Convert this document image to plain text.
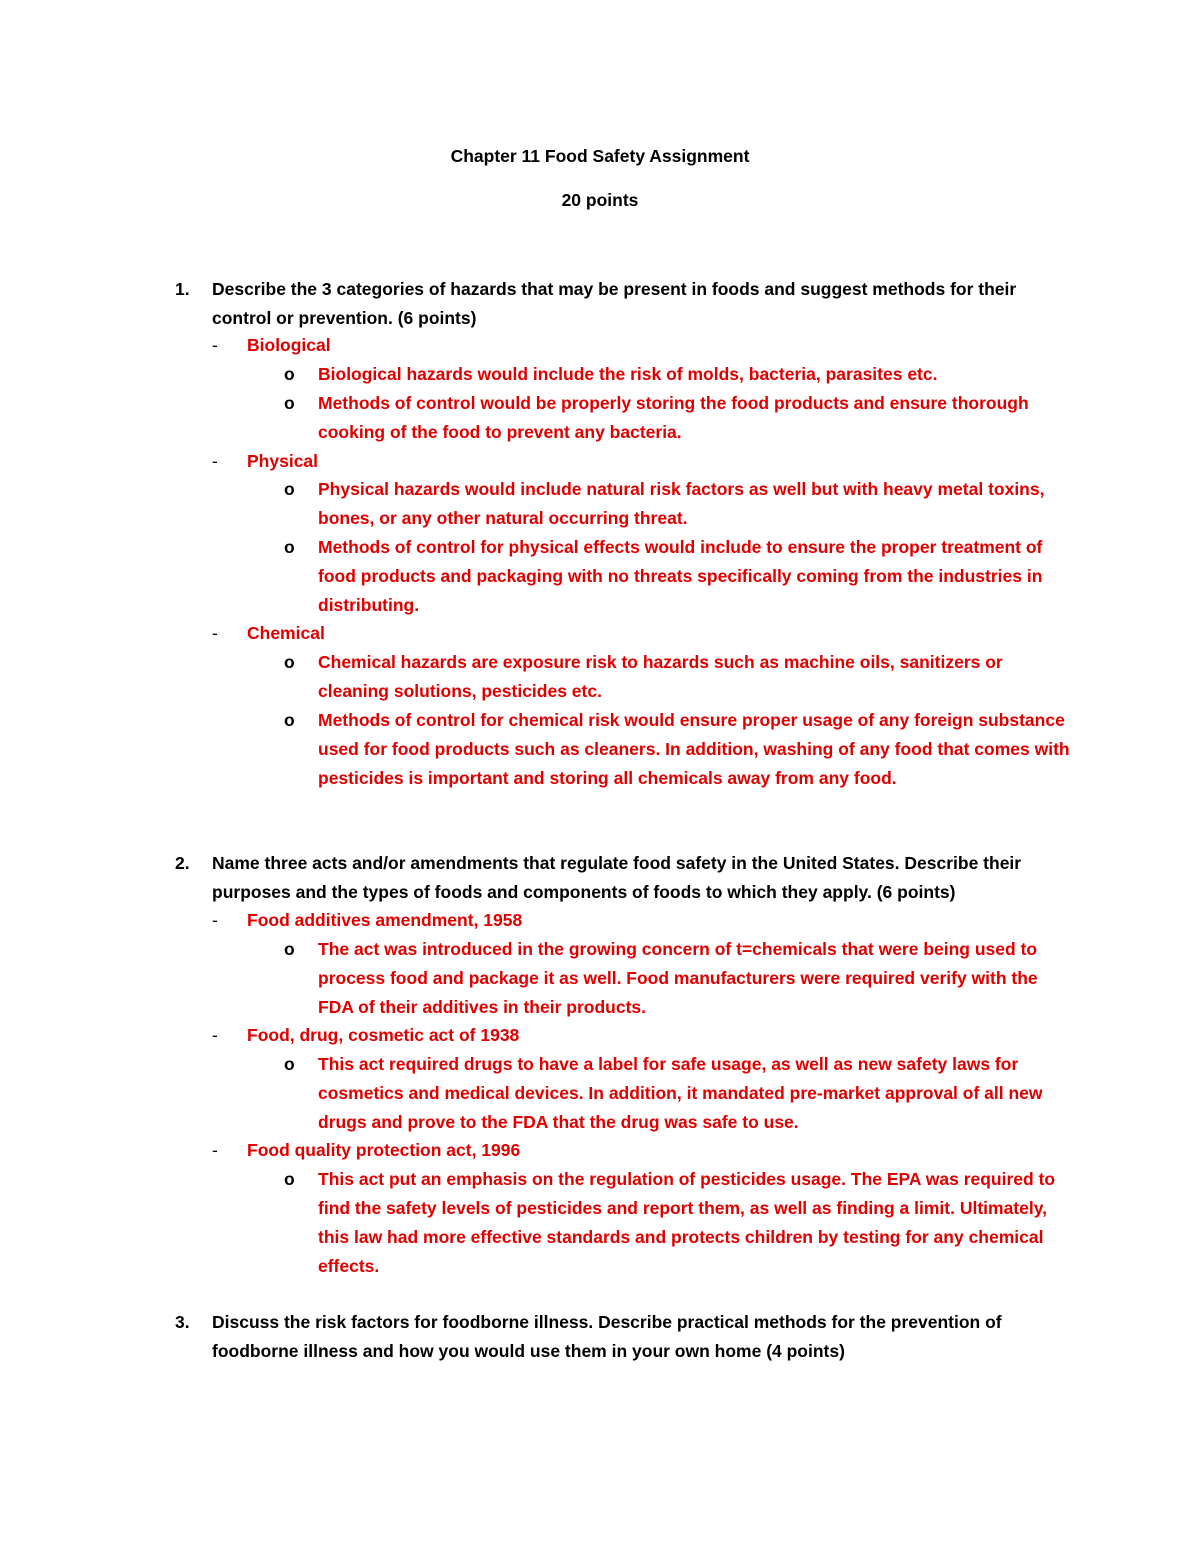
Chapter 11 Food Safety Assignment
20 points
1. Describe the 3 categories of hazards that may be present in foods and suggest methods for their control or prevention. (6 points)
- Biological
o Biological hazards would include the risk of molds, bacteria, parasites etc.
o Methods of control would be properly storing the food products and ensure thorough cooking of the food to prevent any bacteria.
- Physical
o Physical hazards would include natural risk factors as well but with heavy metal toxins, bones, or any other natural occurring threat.
o Methods of control for physical effects would include to ensure the proper treatment of food products and packaging with no threats specifically coming from the industries in distributing.
- Chemical
o Chemical hazards are exposure risk to hazards such as machine oils, sanitizers or cleaning solutions, pesticides etc.
o Methods of control for chemical risk would ensure proper usage of any foreign substance used for food products such as cleaners. In addition, washing of any food that comes with pesticides is important and storing all chemicals away from any food.
2. Name three acts and/or amendments that regulate food safety in the United States. Describe their purposes and the types of foods and components of foods to which they apply. (6 points)
- Food additives amendment, 1958
o The act was introduced in the growing concern of t=chemicals that were being used to process food and package it as well. Food manufacturers were required verify with the FDA of their additives in their products.
- Food, drug, cosmetic act of 1938
o This act required drugs to have a label for safe usage, as well as new safety laws for cosmetics and medical devices. In addition, it mandated pre-market approval of all new drugs and prove to the FDA that the drug was safe to use.
- Food quality protection act, 1996
o This act put an emphasis on the regulation of pesticides usage. The EPA was required to find the safety levels of pesticides and report them, as well as finding a limit. Ultimately, this law had more effective standards and protects children by testing for any chemical effects.
3. Discuss the risk factors for foodborne illness. Describe practical methods for the prevention of foodborne illness and how you would use them in your own home (4 points)
